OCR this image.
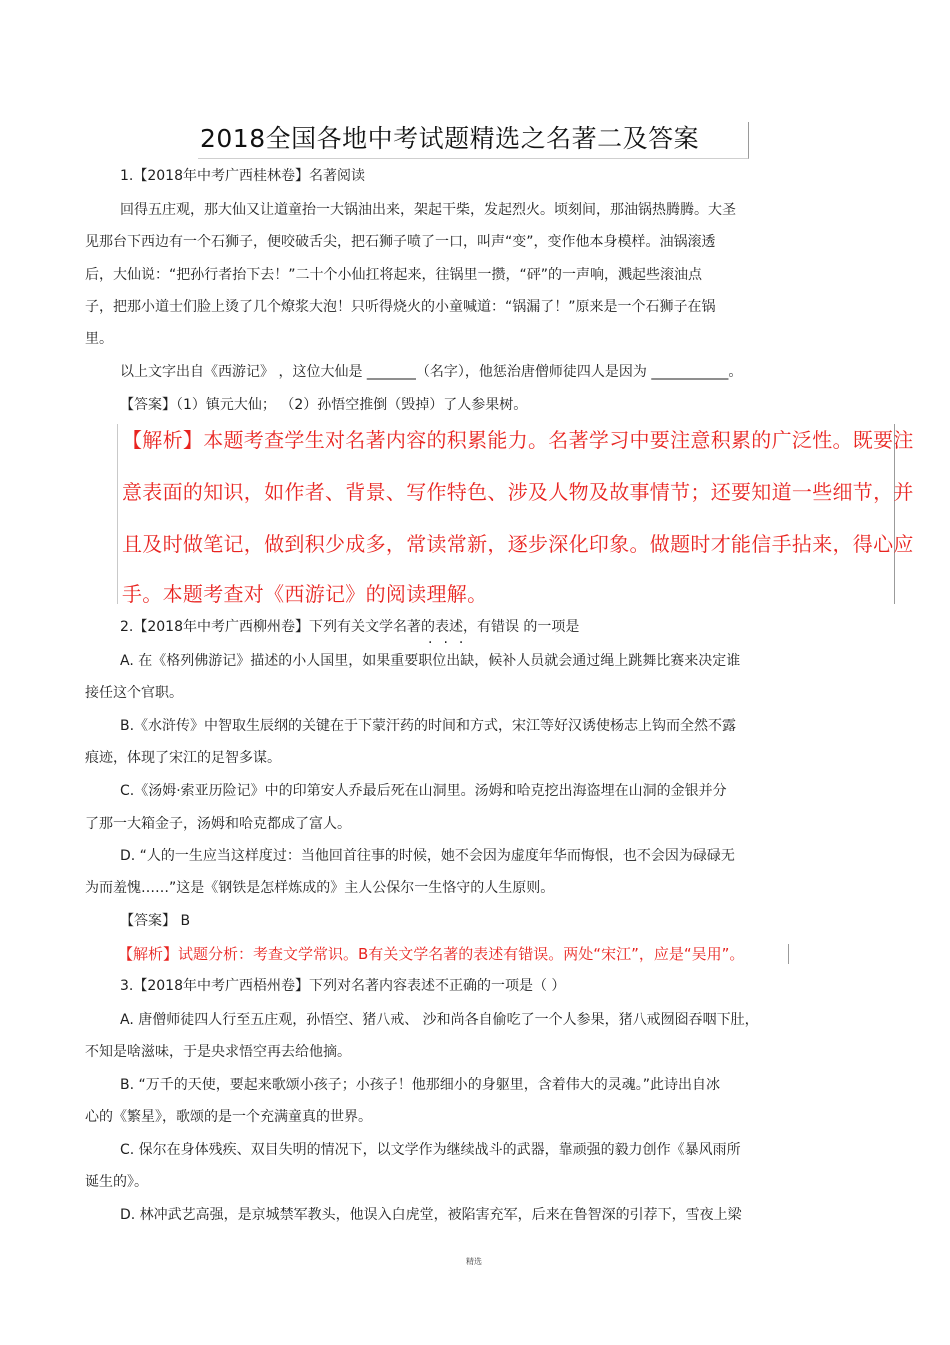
2018全国各地中考试题精选之名著二及答案
1.【2018年中考广西桂林卷】名著阅读
回得五庄观，那大仙又让道童抬一大锅油出来，架起干柴，发起烈火。顷刻间，那油锅热腾腾。大圣
见那台下西边有一个石狮子，便咬破舌尖，把石狮子喷了一口，叫声“变”，变作他本身模样。油锅滚透
后，大仙说：“把孙行者抬下去！”二十个小仙扛将起来，往锅里一攒，“砰”的一声响，溅起些滚油点
子，把那小道士们脸上烫了几个燎浆大泡！只听得烧火的小童喊道：“锅漏了！”原来是一个石狮子在锅
里。
以上文字出自《西游记》 ，这位大仙是 _______（名字），他惩治唐僧师徒四人是因为 ___________。
【答案】（1）镇元大仙； （2）孙悟空推倒（毁掉）了人参果树。
【解析】本题考查学生对名著内容的积累能力。名著学习中要注意积累的广泛性。既要注
意表面的知识，如作者、背景、写作特色、涉及人物及故事情节；还要知道一些细节，并
且及时做笔记，做到积少成多，常读常新，逐步深化印象。做题时才能信手拈来，得心应
手。本题考查对《西游记》的阅读理解。
2.【2018年中考广西柳州卷】下列有关文学名著的表述，有错误 的一项是
...
A. 在《格列佛游记》描述的小人国里，如果重要职位出缺，候补人员就会通过绳上跳舞比赛来决定谁
接任这个官职。
B.《水浒传》中智取生辰纲的关键在于下蒙汗药的时间和方式，宋江等好汉诱使杨志上钩而全然不露
痕迹，体现了宋江的足智多谋。
C.《汤姆·索亚历险记》中的印第安人乔最后死在山洞里。汤姆和哈克挖出海盗埋在山洞的金银并分
了那一大箱金子，汤姆和哈克都成了富人。
D. “人的一生应当这样度过：当他回首往事的时候，她不会因为虚度年华而悔恨，也不会因为碌碌无
为而羞愧……”这是《钢铁是怎样炼成的》主人公保尔一生恪守的人生原则。
【答案】 B
【解析】试题分析：考查文学常识。B有关文学名著的表述有错误。两处“宋江”，应是“吴用”。
3.【2018年中考广西梧州卷】下列对名著内容表述不正确的一项是（ ）
A. 唐僧师徒四人行至五庄观，孙悟空、猪八戒、 沙和尚各自偷吃了一个人参果，猪八戒囫囵吞咽下肚，
不知是啥滋味，于是央求悟空再去给他摘。
B. “万千的天使，要起来歌颂小孩子；小孩子！他那细小的身躯里，含着伟大的灵魂。”此诗出自冰
心的《繁星》，歌颂的是一个充满童真的世界。
C. 保尔在身体残疾、双目失明的情况下，以文学作为继续战斗的武器，靠顽强的毅力创作《暴风雨所
诞生的》。
D. 林冲武艺高强，是京城禁军教头，他误入白虎堂，被陷害充军，后来在鲁智深的引荐下，雪夜上梁
精选
